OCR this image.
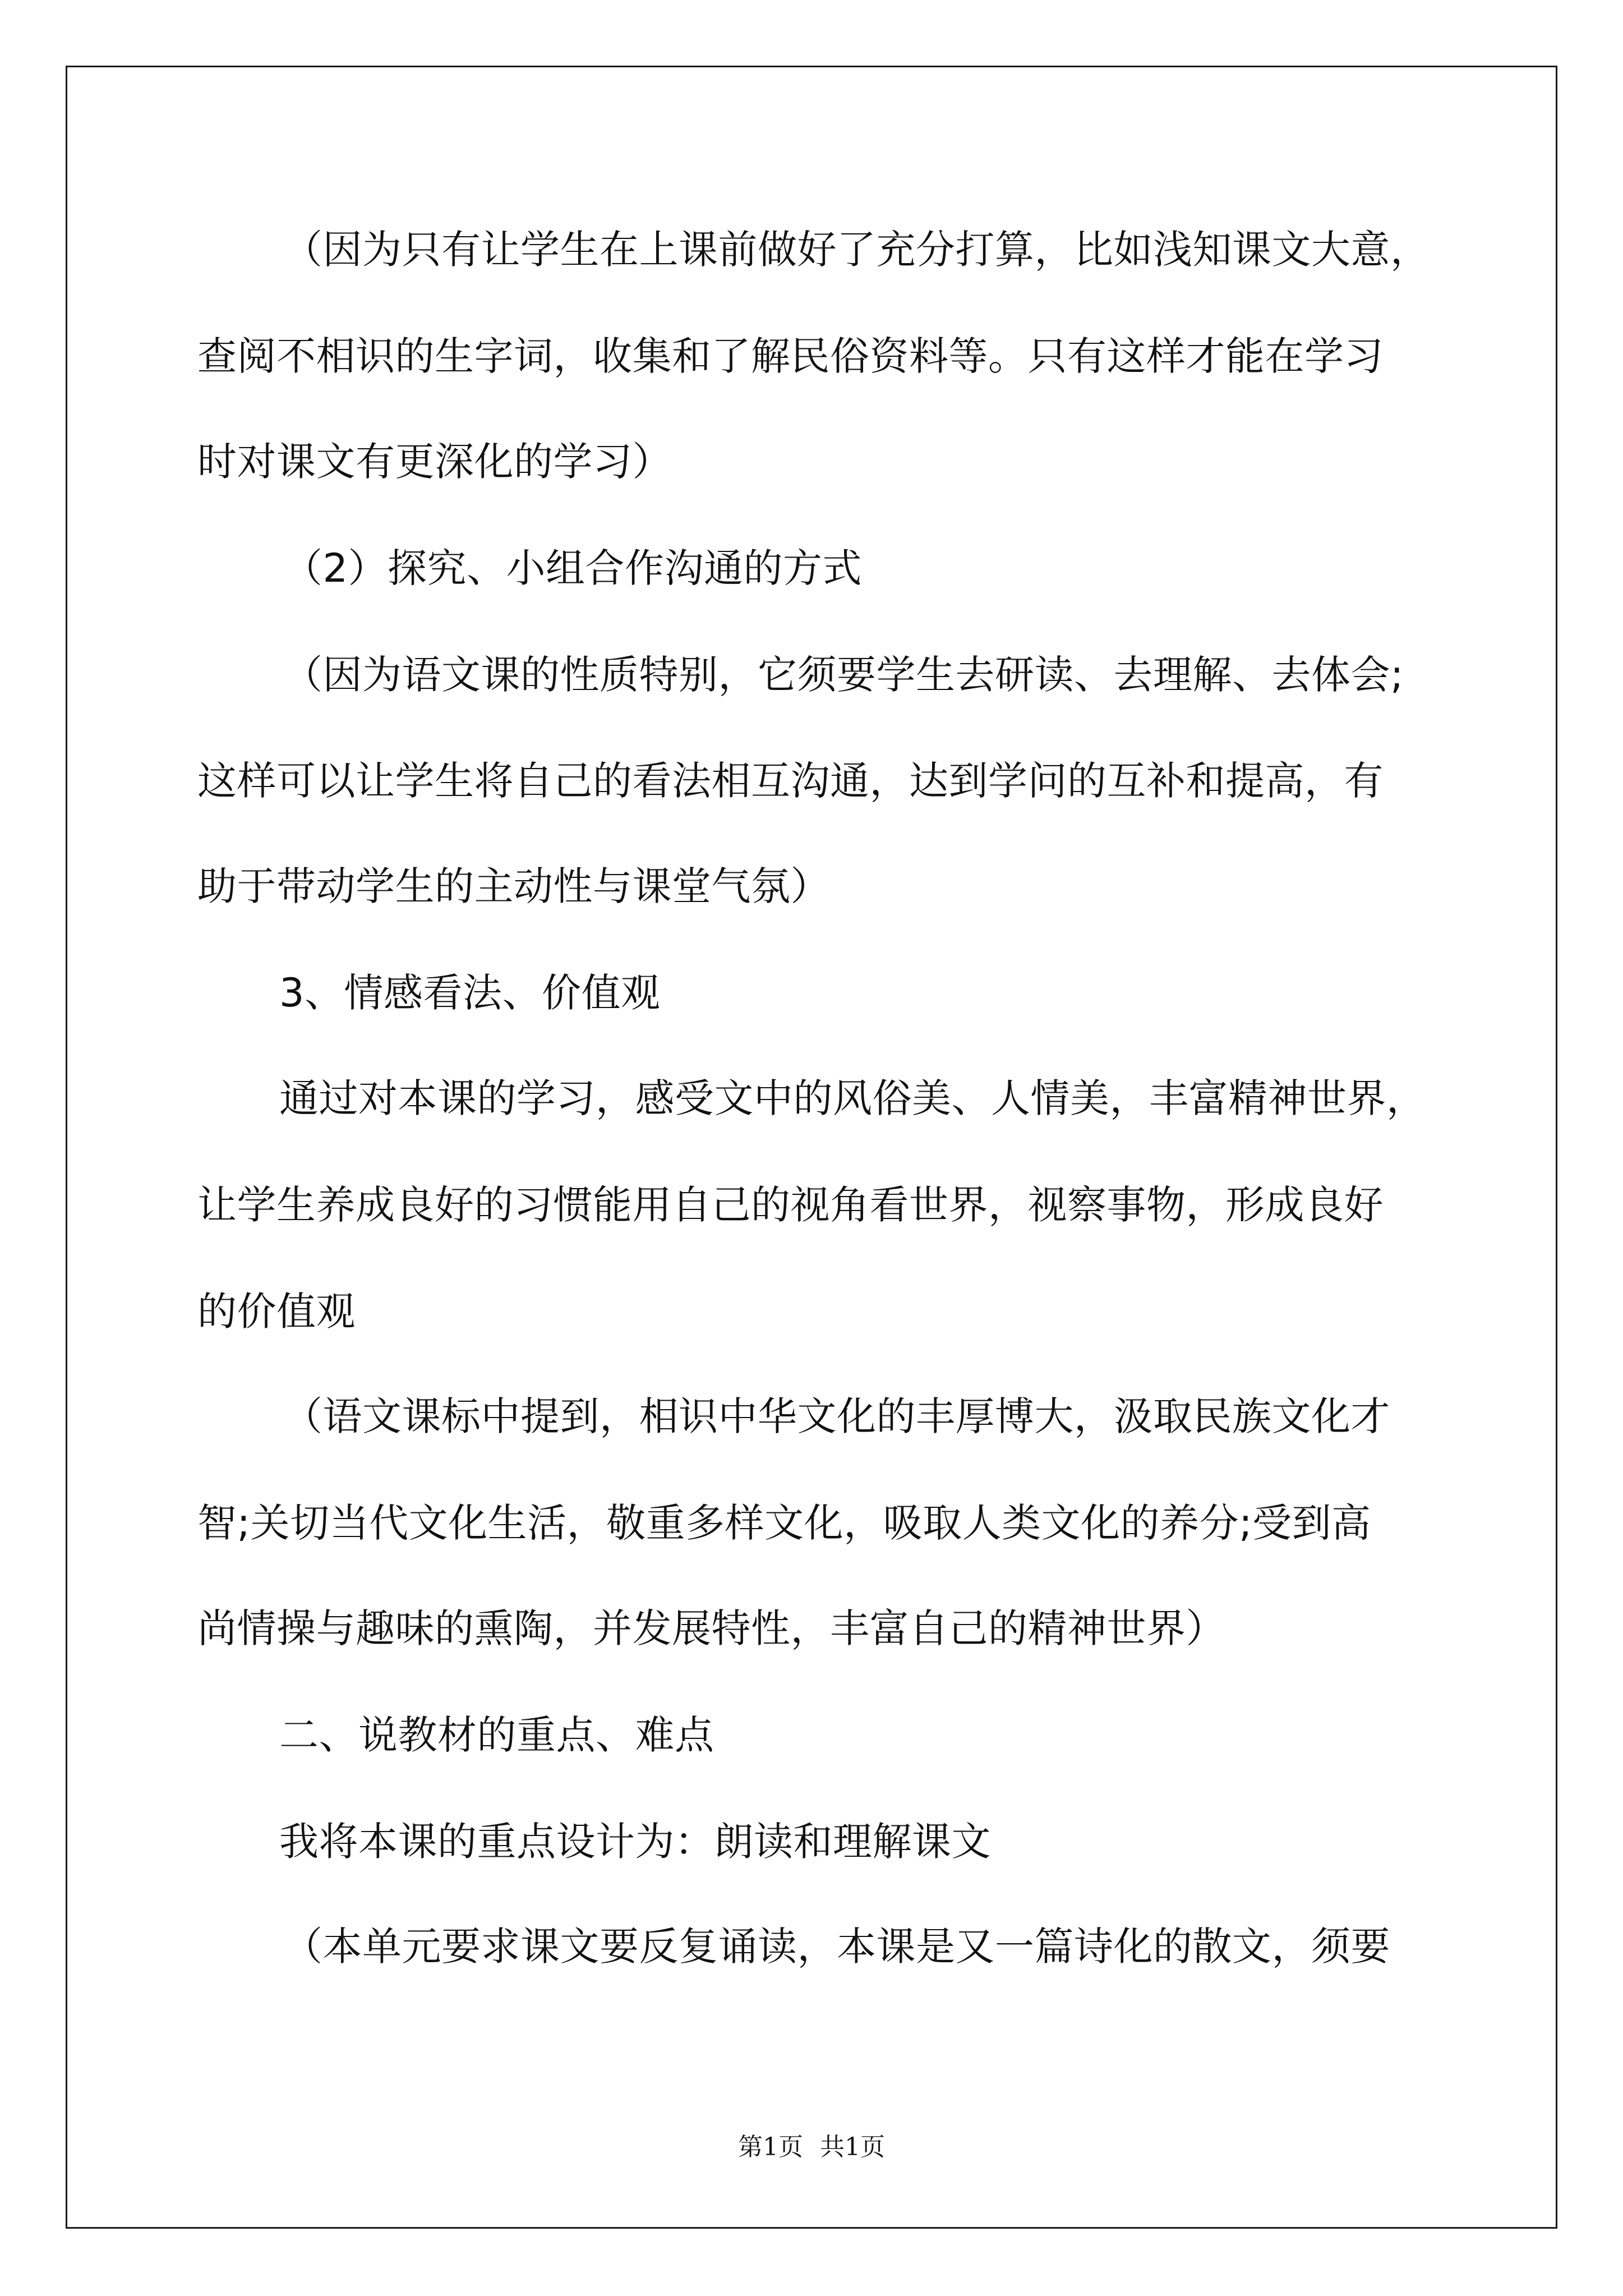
（因为只有让学生在上课前做好了充分打算，比如浅知课文大意，
查阅不相识的生字词，收集和了解民俗资料等。只有这样才能在学习
时对课文有更深化的学习）
（2）探究、小组合作沟通的方式
（因为语文课的性质特别，它须要学生去研读、去理解、去体会;
这样可以让学生将自己的看法相互沟通，达到学问的互补和提高，有
助于带动学生的主动性与课堂气氛）
3、情感看法、价值观
通过对本课的学习，感受文中的风俗美、人情美，丰富精神世界，
让学生养成良好的习惯能用自己的视角看世界，视察事物，形成良好
的价值观
（语文课标中提到，相识中华文化的丰厚博大，汲取民族文化才
智;关切当代文化生活，敬重多样文化，吸取人类文化的养分;受到高
尚情操与趣味的熏陶，并发展特性，丰富自己的精神世界）
二、说教材的重点、难点
我将本课的重点设计为：朗读和理解课文
（本单元要求课文要反复诵读，本课是又一篇诗化的散文，须要
第1页 共1页
